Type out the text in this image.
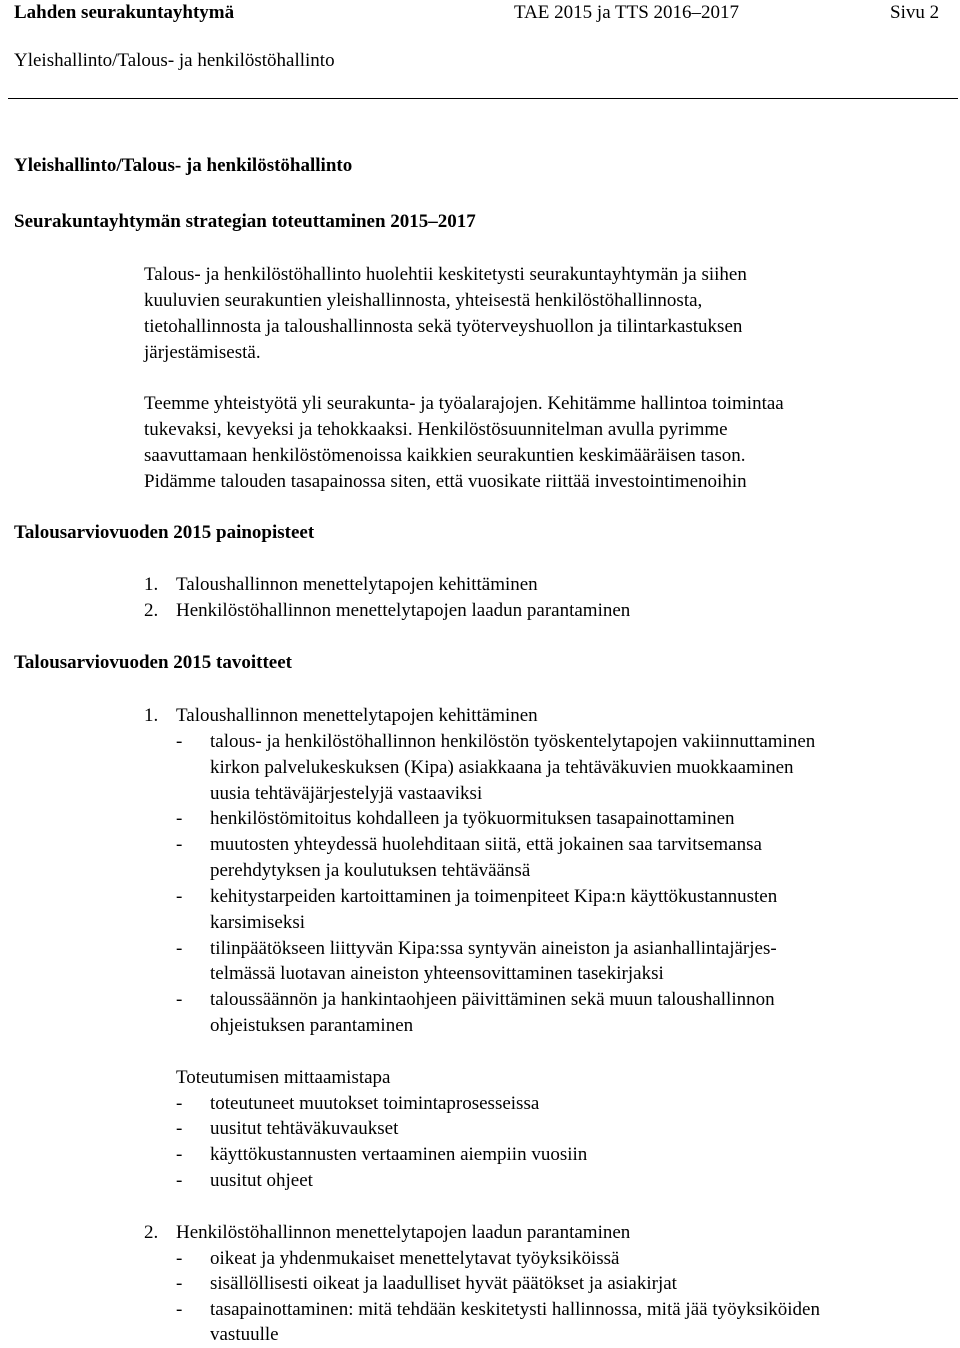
Lahden seurakuntayhtymä	TAE 2015 ja TTS 2016–2017	Sivu 2
Yleishallinto/Talous- ja henkilöstöhallinto
Yleishallinto/Talous- ja henkilöstöhallinto
Seurakuntayhtymän strategian toteuttaminen 2015–2017
Talous- ja henkilöstöhallinto huolehtii keskitetysti seurakuntayhtymän ja siihen
kuuluvien seurakuntien yleishallinnosta, yhteisestä henkilöstöhallinnosta,
tietohallinnosta ja taloushallinnosta sekä työterveyshuollon ja tilintarkastuksen
järjestämisestä.
Teemme yhteistyötä yli seurakunta- ja työalarajojen. Kehitämme hallintoa toimintaa
tukevaksi, kevyeksi ja tehokkaaksi. Henkilöstösuunnitelman avulla pyrimme
saavuttamaan henkilöstömenoissa kaikkien seurakuntien keskimääräisen tason.
Pidämme talouden tasapainossa siten, että vuosikate riittää investointimenoihin
Talousarviovuoden 2015 painopisteet
1. Taloushallinnon menettelytapojen kehittäminen
2. Henkilöstöhallinnon menettelytapojen laadun parantaminen
Talousarviovuoden 2015 tavoitteet
1. Taloushallinnon menettelytapojen kehittäminen
- talous- ja henkilöstöhallinnon henkilöstön työskentelytapojen vakiinnuttaminen
kirkon palvelukeskuksen (Kipa) asiakkaana ja tehtäväkuvien muokkaaminen
uusia tehtäväjärjestelyjä vastaaviksi
- henkilöstömitoitus kohdalleen ja työkuormituksen tasapainottaminen
- muutosten yhteydessä huolehditaan siitä, että jokainen saa tarvitsemansa
perehdytyksen ja koulutuksen tehtäväänsä
- kehitystarpeiden kartoittaminen ja toimenpiteet Kipa:n käyttökustannusten
karsimiseksi
- tilinpäätökseen liittyvän Kipa:ssa syntyvän aineiston ja asianhallintajärjes-
telmässä luotavan aineiston yhteensovittaminen tasekirjaksi
- taloussäännön ja hankintaohjeen päivittäminen sekä muun taloushallinnon
ohjeistuksen parantaminen
Toteutumisen mittaamistapa
- toteutuneet muutokset toimintaprosesseissa
- uusitut tehtäväkuvaukset
- käyttökustannusten vertaaminen aiempiin vuosiin
- uusitut ohjeet
2. Henkilöstöhallinnon menettelytapojen laadun parantaminen
- oikeat ja yhdenmukaiset menettelytavat työyksiköissä
- sisällöllisesti oikeat ja laadulliset hyvät päätökset ja asiakirjat
- tasapainottaminen: mitä tehdään keskitetysti hallinnossa, mitä jää työyksiköiden
vastuulle
